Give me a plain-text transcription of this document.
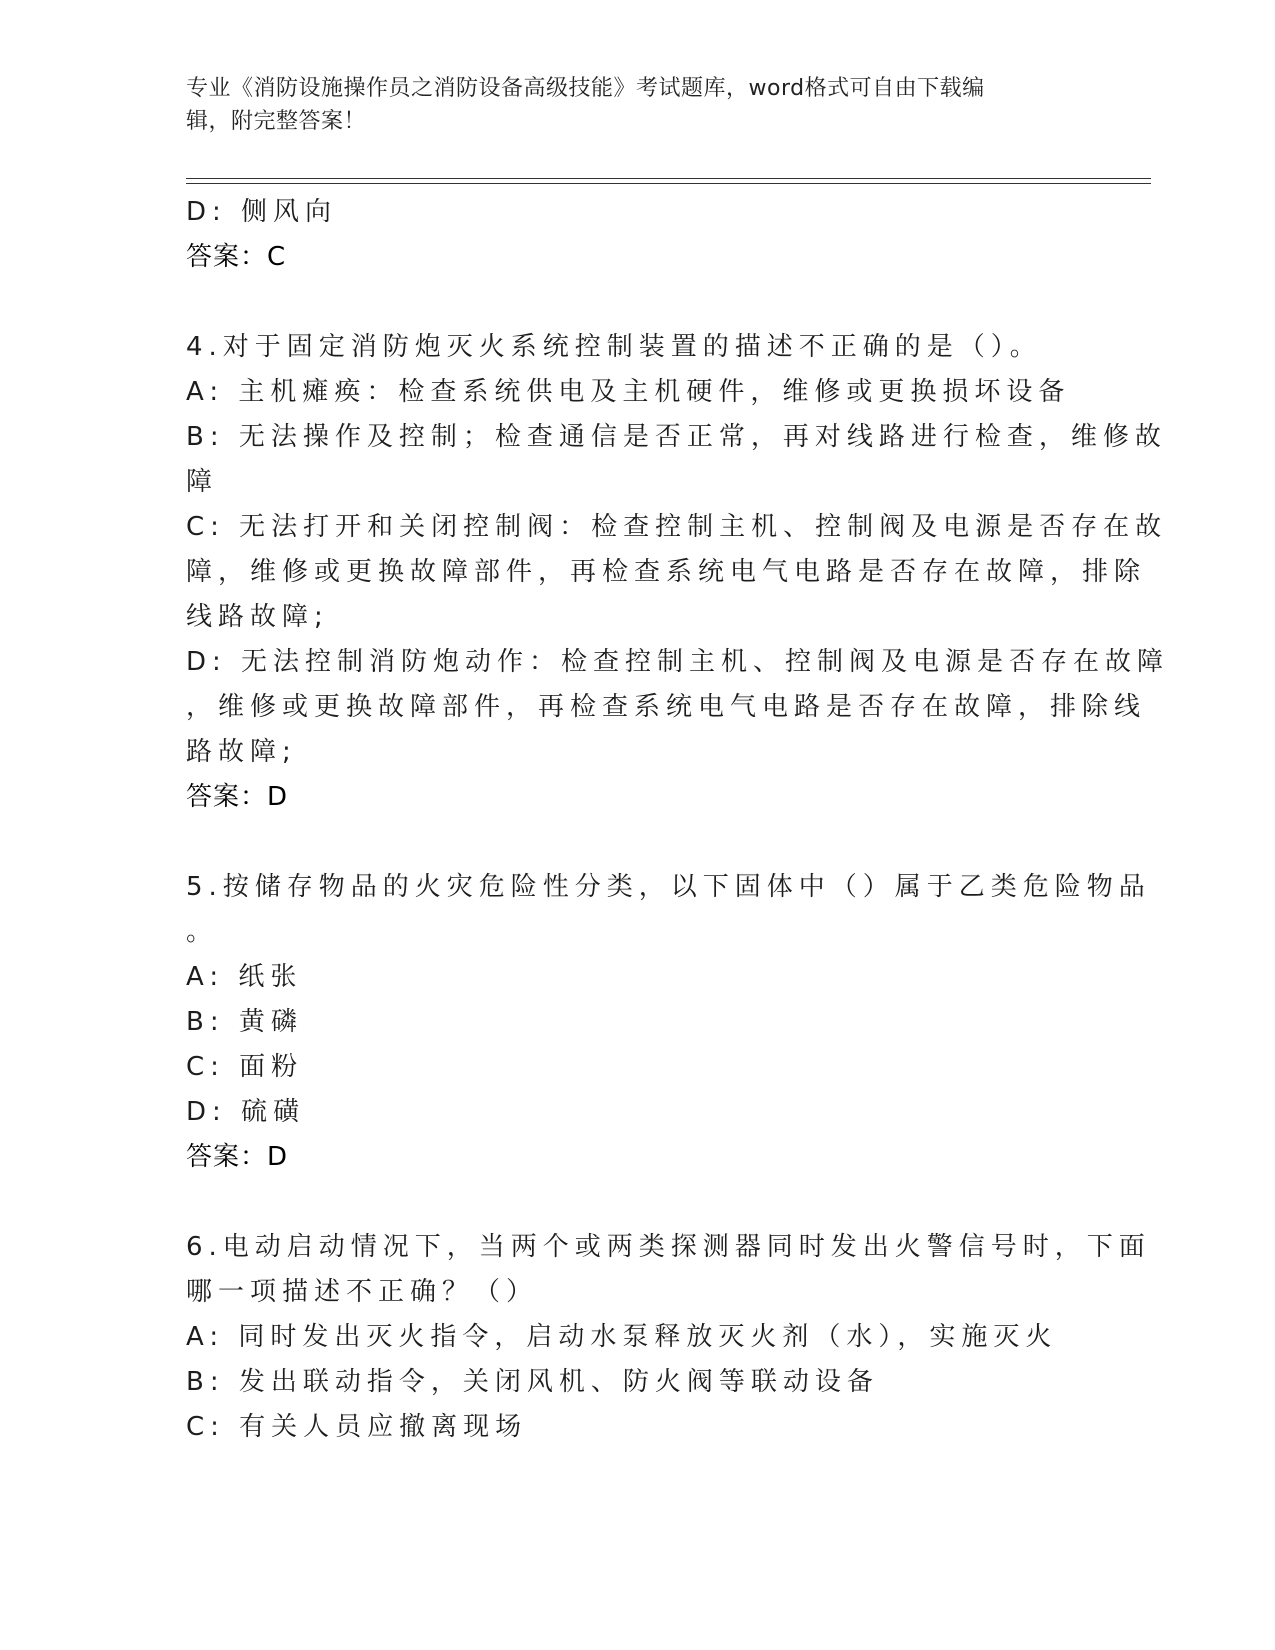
专业《消防设施操作员之消防设备高级技能》考试题库，word格式可自由下载编
辑，附完整答案！
D: 侧风向
答案：C
4.对于固定消防炮灭火系统控制装置的描述不正确的是（）。
A: 主机瘫痪：检查系统供电及主机硬件，维修或更换损坏设备
B: 无法操作及控制；检查通信是否正常，再对线路进行检查，维修故
障
C: 无法打开和关闭控制阀：检查控制主机、控制阀及电源是否存在故
障，维修或更换故障部件，再检查系统电气电路是否存在故障，排除
线路故障;
D: 无法控制消防炮动作：检查控制主机、控制阀及电源是否存在故障
，维修或更换故障部件，再检查系统电气电路是否存在故障，排除线
路故障;
答案：D
5.按储存物品的火灾危险性分类，以下固体中（）属于乙类危险物品
。
A: 纸张
B: 黄磷
C: 面粉
D: 硫磺
答案：D
6.电动启动情况下，当两个或两类探测器同时发出火警信号时，下面
哪一项描述不正确？（）
A: 同时发出灭火指令，启动水泵释放灭火剂（水），实施灭火
B: 发出联动指令，关闭风机、防火阀等联动设备
C: 有关人员应撤离现场
